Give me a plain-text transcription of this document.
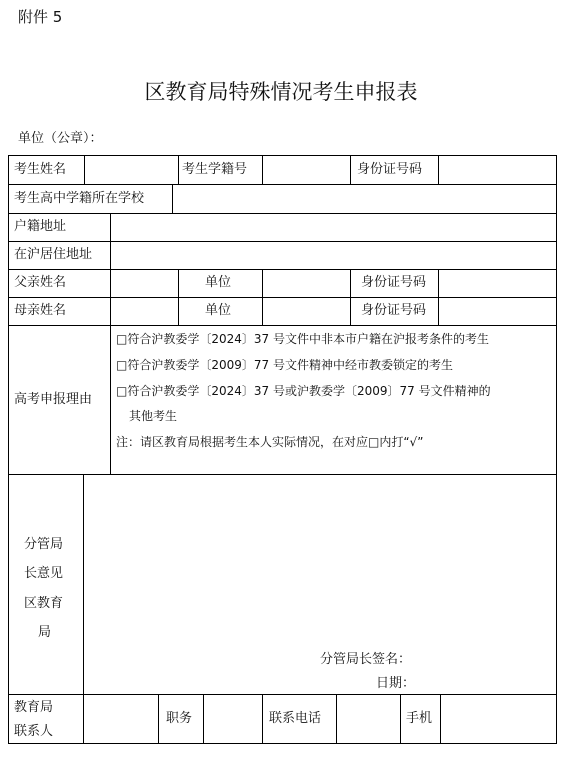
附件 5
区教育局特殊情况考生申报表
单位（公章）：
考生姓名	考生学籍号	身份证号码
考生高中学籍所在学校
户籍地址
在沪居住地址
父亲姓名	单位	身份证号码
母亲姓名	单位	身份证号码
高考申报理由
□符合沪教委学〔2024〕37 号文件中非本市户籍在沪报考条件的考生
□符合沪教委学〔2009〕77 号文件精神中经市教委锁定的考生
□符合沪教委学〔2024〕37 号或沪教委学〔2009〕77 号文件精神的
其他考生
注：请区教育局根据考生本人实际情况，在对应□内打“√”
分管局
长意见
区教育
局
分管局长签名：
日期：
教育局
联系人
职务	联系电话	手机
